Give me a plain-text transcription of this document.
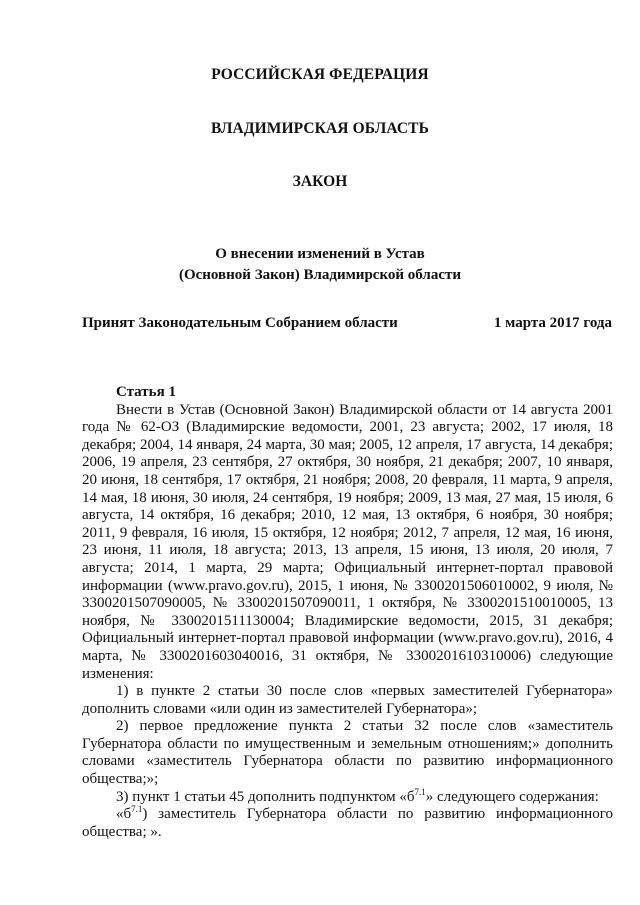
РОССИЙСКАЯ ФЕДЕРАЦИЯ
ВЛАДИМИРСКАЯ ОБЛАСТЬ
ЗАКОН
О внесении изменений в Устав
(Основной Закон) Владимирской области
Принят Законодательным Собранием области	1 марта 2017 года

Статья 1

Внести в Устав (Основной Закон) Владимирской области от 14 августа 2001 года № 62-ОЗ (Владимирские ведомости, 2001, 23 августа; 2002, 17 июля, 18 декабря; 2004, 14 января, 24 марта, 30 мая; 2005, 12 апреля, 17 августа, 14 декабря; 2006, 19 апреля, 23 сентября, 27 октября, 30 ноября, 21 декабря; 2007, 10 января, 20 июня, 18 сентября, 17 октября, 21 ноября; 2008, 20 февраля, 11 марта, 9 апреля, 14 мая, 18 июня, 30 июля, 24 сентября, 19 ноября; 2009, 13 мая, 27 мая, 15 июля, 6 августа, 14 октября, 16 декабря; 2010, 12 мая, 13 октября, 6 ноября, 30 ноября; 2011, 9 февраля, 16 июля, 15 октября, 12 ноября; 2012, 7 апреля, 12 мая, 16 июня, 23 июня, 11 июля, 18 августа; 2013, 13 апреля, 15 июня, 13 июля, 20 июля, 7 августа; 2014, 1 марта, 29 марта; Официальный интернет-портал правовой информации (www.pravo.gov.ru), 2015, 1 июня, № 3300201506010002, 9 июля, № 3300201507090005, № 3300201507090011, 1 октября, № 3300201510010005, 13 ноября, № 3300201511130004; Владимирские ведомости, 2015, 31 декабря; Официальный интернет-портал правовой информации (www.pravo.gov.ru), 2016, 4 марта, № 3300201603040016, 31 октября, № 3300201610310006) следующие изменения:

1) в пункте 2 статьи 30 после слов «первых заместителей Губернатора» дополнить словами «или один из заместителей Губернатора»;

2) первое предложение пункта 2 статьи 32 после слов «заместитель Губернатора области по имущественным и земельным отношениям;» дополнить словами «заместитель Губернатора области по развитию информационного общества;»;

3) пункт 1 статьи 45 дополнить подпунктом «$б^{7.1}$» следующего содержания:

«$б^{7.1}$) заместитель Губернатора области по развитию информационного общества; ».
